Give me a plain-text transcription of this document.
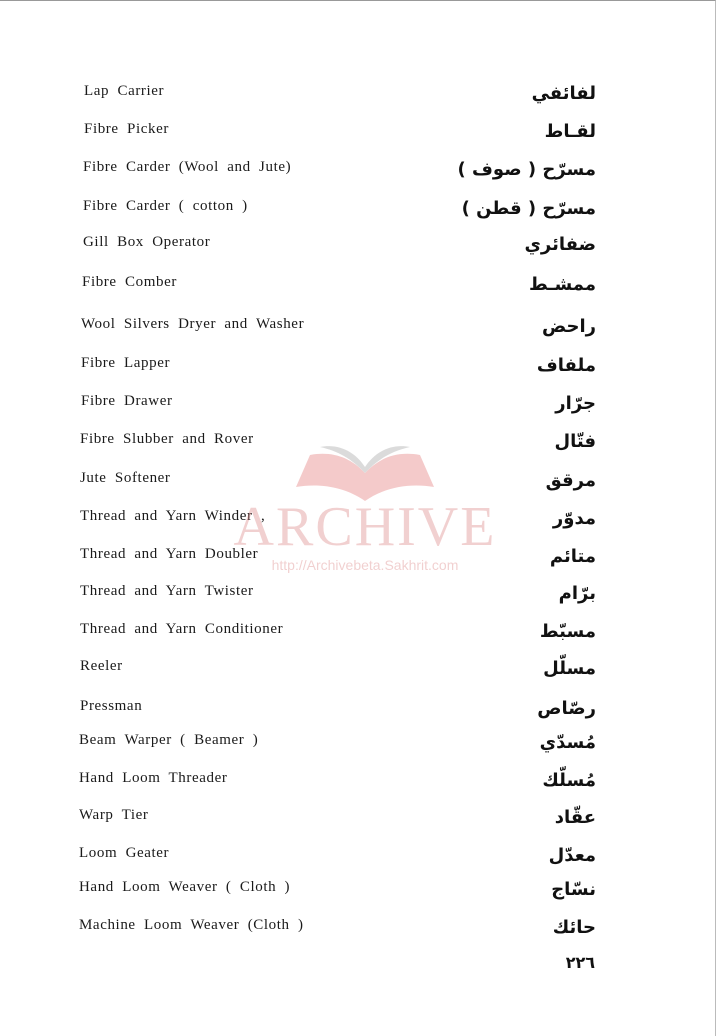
Lap Carrier	لفائفي
Fibre Picker	لقـاط
Fibre Carder (Wool and Jute)	مسرّح ( صوف )
Fibre Carder ( cotton )	مسرّح ( قطن )
Gill Box Operator	ضفائري
Fibre Comber	ممشـط
Wool Silvers Dryer and Washer	راحض
Fibre Lapper	ملفاف
Fibre Drawer	جرّار
Fibre Slubber and Rover	فتّال
Jute Softener	مرقق
Thread and Yarn Winder ,	مدوّر
Thread and Yarn Doubler	متائم
Thread and Yarn Twister	برّام
Thread and Yarn Conditioner	مسبّط
Reeler	مسلّل
Pressman	رصّاص
Beam Warper ( Beamer )	مُسدّي
Hand Loom Threader	مُسلّك
Warp Tier	عقّاد
Loom Geater	معدّل
Hand Loom Weaver ( Cloth )	نسّاج
Machine Loom Weaver (Cloth )	حائك
٢٢٦
ARCHIVE
http://Archivebeta.Sakhrit.com
